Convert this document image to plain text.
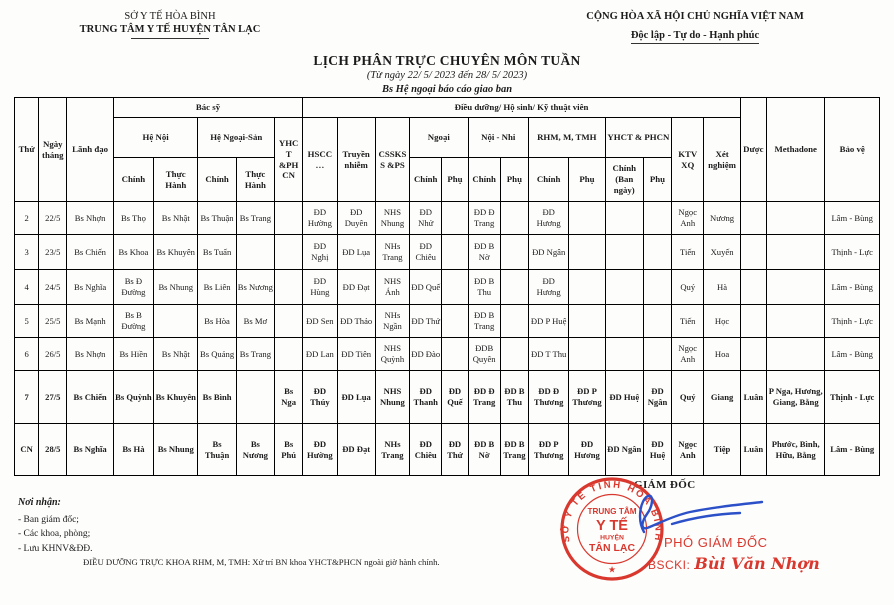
SỞ Y TẾ HÒA BÌNH
TRUNG TÂM Y TẾ HUYỆN TÂN LẠC
CỘNG HÒA XÃ HỘI CHỦ NGHĨA VIỆT NAM
Độc lập - Tự do - Hạnh phúc
LỊCH PHÂN TRỰC CHUYÊN MÔN TUẦN
(Từ ngày 22/ 5/ 2023 đến 28/ 5/ 2023)
Bs Hệ ngoại báo cáo giao ban
Thứ	Ngày tháng	Lãnh đạo	Bác sỹ					Điều dưỡng/ Hộ sinh/ Kỹ thuật viên													Dược	Methadone	Bảo vệ
			Hệ Nội		Hệ Ngoại-Sản		YHCT &PH CN	HSCC …	Truyền nhiễm	CSSKSS &PS	Ngoại		Nội - Nhi		RHM, M, TMH		YHCT & PHCN		KTV XQ	Xét nghiệm			
			Chính	Thực Hành	Chính	Thực Hành					Chính	Phụ	Chính	Phụ	Chính	Phụ	Chính (Ban ngày)	Phụ					
2	22/5	Bs Nhợn	Bs Thọ	Bs Nhật	Bs Thuận	Bs Trang		ĐD Hường	ĐD Duyên	NHS Nhung	ĐD Nhử		ĐD Đ Trang		ĐD Hương				Ngọc Anh	Nương			Lâm - Bùng
3	23/5	Bs Chiến	Bs Khoa	Bs Khuyên	Bs Tuấn			ĐD Nghị	ĐD Lụa	NHs Trang	ĐD Chiêu		ĐD B Nờ		ĐD Ngân				Tiến	Xuyến			Thịnh - Lực
4	24/5	Bs Nghĩa	Bs Đ Đường	Bs Nhung	Bs Liên	Bs Nương		ĐD Hùng	ĐD Đạt	NHS Ánh	ĐD Quế		ĐD B Thu		ĐD Hương				Quý	Hà			Lâm - Bùng
5	25/5	Bs Mạnh	Bs B Đường		Bs Hòa	Bs Mơ		ĐD Sen	ĐD Thảo	NHs Ngần	ĐD Thứ		ĐD B Trang		ĐD P Huệ				Tiến	Học			Thịnh - Lực
6	26/5	Bs Nhợn	Bs Hiền	Bs Nhật	Bs Quảng	Bs Trang		ĐD Lan	ĐD Tiên	NHS Quỳnh	ĐD Đào		ĐDB Quyên		ĐD T Thu				Ngọc Anh	Hoa			Lâm - Bùng
7	27/5	Bs Chiến	Bs Quỳnh	Bs Khuyên	Bs Bình		Bs Nga	ĐD Thúy	ĐD Lụa	NHS Nhung	ĐD Thanh	ĐD Quế	ĐD Đ Trang	ĐD B Thu	ĐD Đ Thương	ĐD P Thương	ĐD Huệ	ĐD Ngân	Quý	Giang	Luân	P Nga, Hương, Giang, Bằng	Thịnh - Lực
CN	28/5	Bs Nghĩa	Bs Hà	Bs Nhung	Bs Thuận	Bs Nương	Bs Phú	ĐD Hường	ĐD Đạt	NHs Trang	ĐD Chiêu	ĐD Thứ	ĐD B Nờ	ĐD B Trang	ĐD P Thương	ĐD Hương	ĐD Ngân	ĐD Huệ	Ngọc Anh	Tiệp	Luân	Phước, Bình, Hữu, Bằng	Lâm - Bùng
Nơi nhận:
- Ban giám đốc;
- Các khoa, phòng;
- Lưu KHNV&ĐĐ.
ĐIỀU DƯỠNG TRỰC KHOA RHM, M, TMH: Xử trí BN khoa YHCT&PHCN ngoài giờ hành chính.
GIÁM ĐỐC
SỞ Y TẾ TỈNH HÒA BÌNH
★
TRUNG TÂM
Y TẾ
HUYỆN
TÂN LẠC PHÓ GIÁM ĐỐC
BSCKI: Bùi Văn Nhợn
